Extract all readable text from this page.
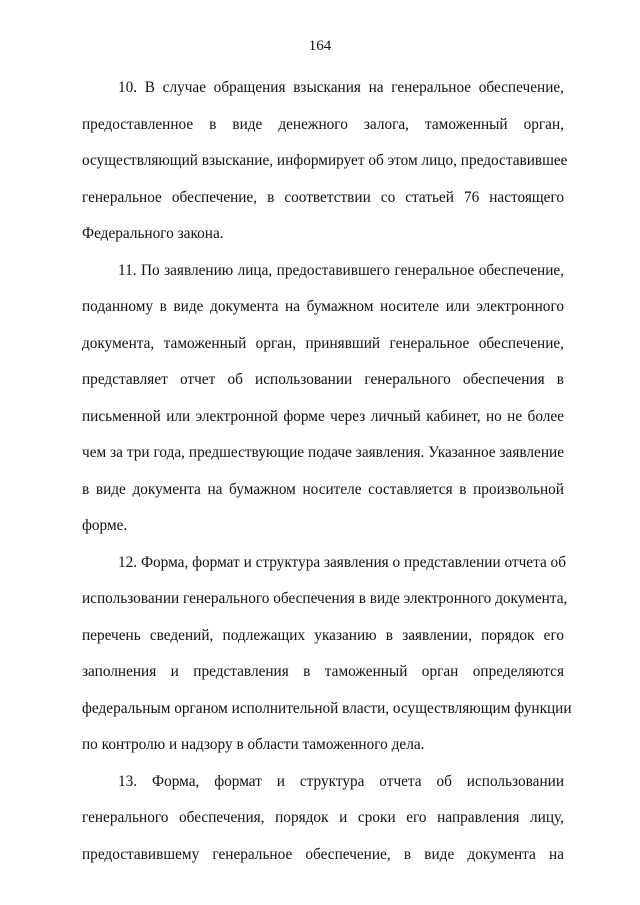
164
10. В случае обращения взыскания на генеральное обеспечение,
предоставленное в виде денежного залога, таможенный орган,
осуществляющий взыскание, информирует об этом лицо, предоставившее
генеральное обеспечение, в соответствии со статьей 76 настоящего
Федерального закона.
11. По заявлению лица, предоставившего генеральное обеспечение,
поданному в виде документа на бумажном носителе или электронного
документа, таможенный орган, принявший генеральное обеспечение,
представляет отчет об использовании генерального обеспечения в
письменной или электронной форме через личный кабинет, но не более
чем за три года, предшествующие подаче заявления. Указанное заявление
в виде документа на бумажном носителе составляется в произвольной
форме.
12. Форма, формат и структура заявления о представлении отчета об
использовании генерального обеспечения в виде электронного документа,
перечень сведений, подлежащих указанию в заявлении, порядок его
заполнения и представления в таможенный орган определяются
федеральным органом исполнительной власти, осуществляющим функции
по контролю и надзору в области таможенного дела.
13. Форма, формат и структура отчета об использовании
генерального обеспечения, порядок и сроки его направления лицу,
предоставившему генеральное обеспечение, в виде документа на
